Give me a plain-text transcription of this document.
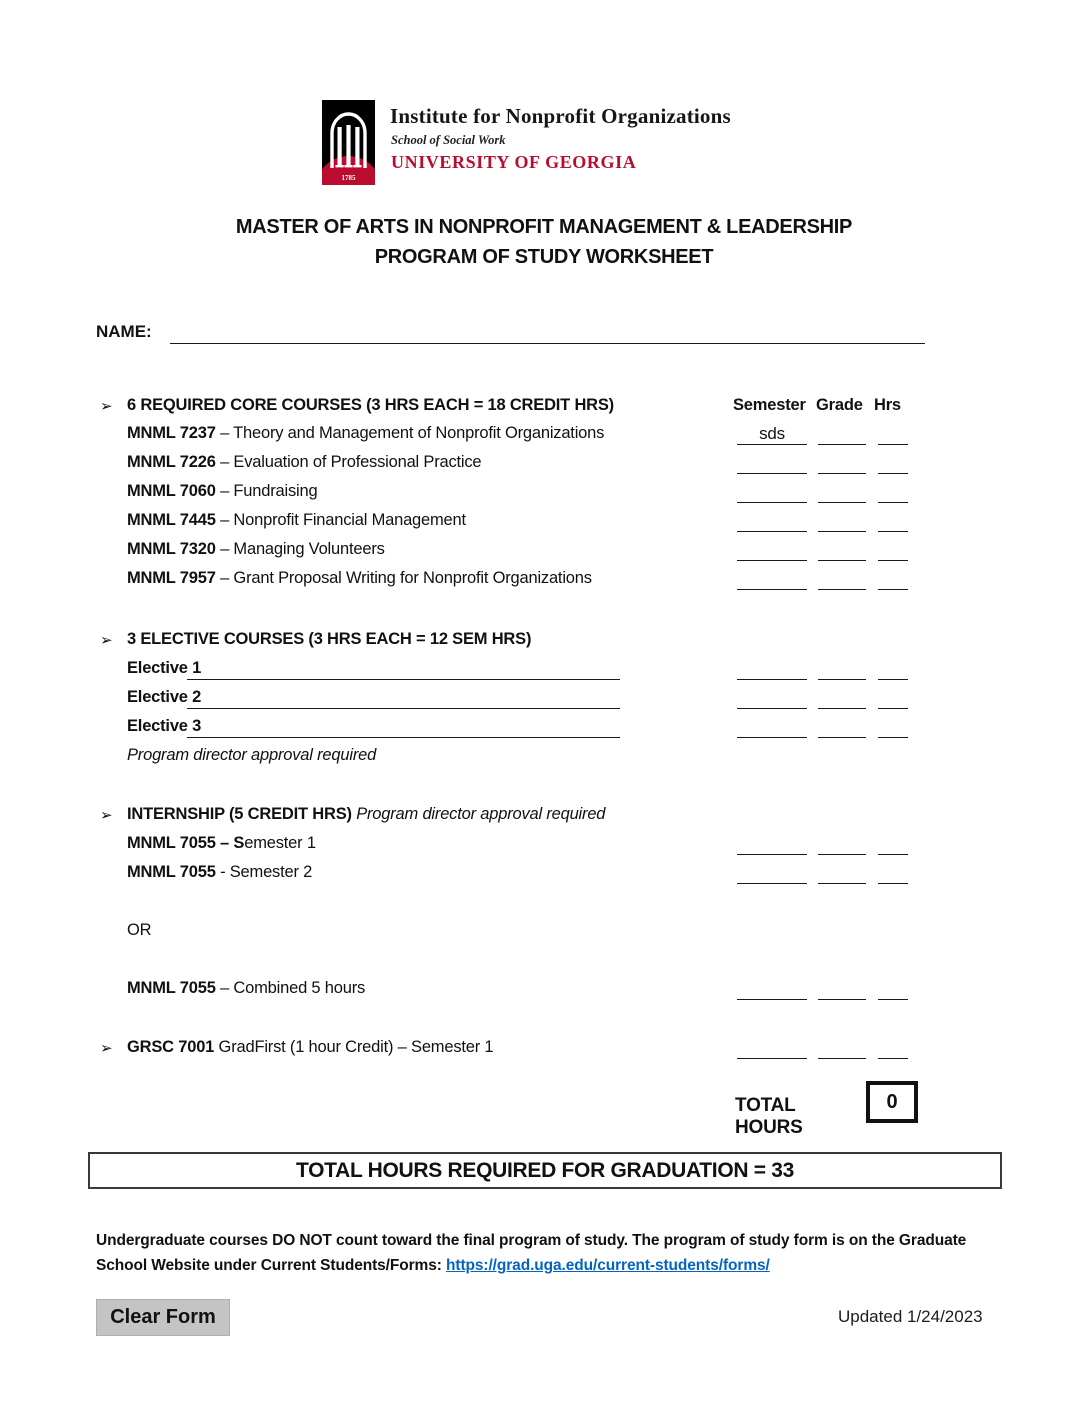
1785
Institute for Nonprofit Organizations
School of Social Work
UNIVERSITY OF GEORGIA
MASTER OF ARTS IN NONPROFIT MANAGEMENT & LEADERSHIP
PROGRAM OF STUDY WORKSHEET
NAME:
➢ 6 REQUIRED CORE COURSES (3 HRS EACH = 18 CREDIT HRS)	Semester Grade Hrs
MNML 7237 – Theory and Management of Nonprofit Organizations	sds
MNML 7226 – Evaluation of Professional Practice
MNML 7060 – Fundraising
MNML 7445 – Nonprofit Financial Management
MNML 7320 – Managing Volunteers
MNML 7957 – Grant Proposal Writing for Nonprofit Organizations
➢ 3 ELECTIVE COURSES (3 HRS EACH = 12 SEM HRS)
Elective 1
Elective 2
Elective 3
Program director approval required
➢ INTERNSHIP (5 CREDIT HRS) Program director approval required
MNML 7055 – Semester 1
MNML 7055 - Semester 2
OR
MNML 7055 – Combined 5 hours
➢ GRSC 7001 GradFirst (1 hour Credit) – Semester 1
TOTAL HOURS
0
TOTAL HOURS REQUIRED FOR GRADUATION = 33
Undergraduate courses DO NOT count toward the final program of study. The program of study form is on the Graduate School Website under Current Students/Forms: https://grad.uga.edu/current-students/forms/
Clear Form	Updated 1/24/2023
